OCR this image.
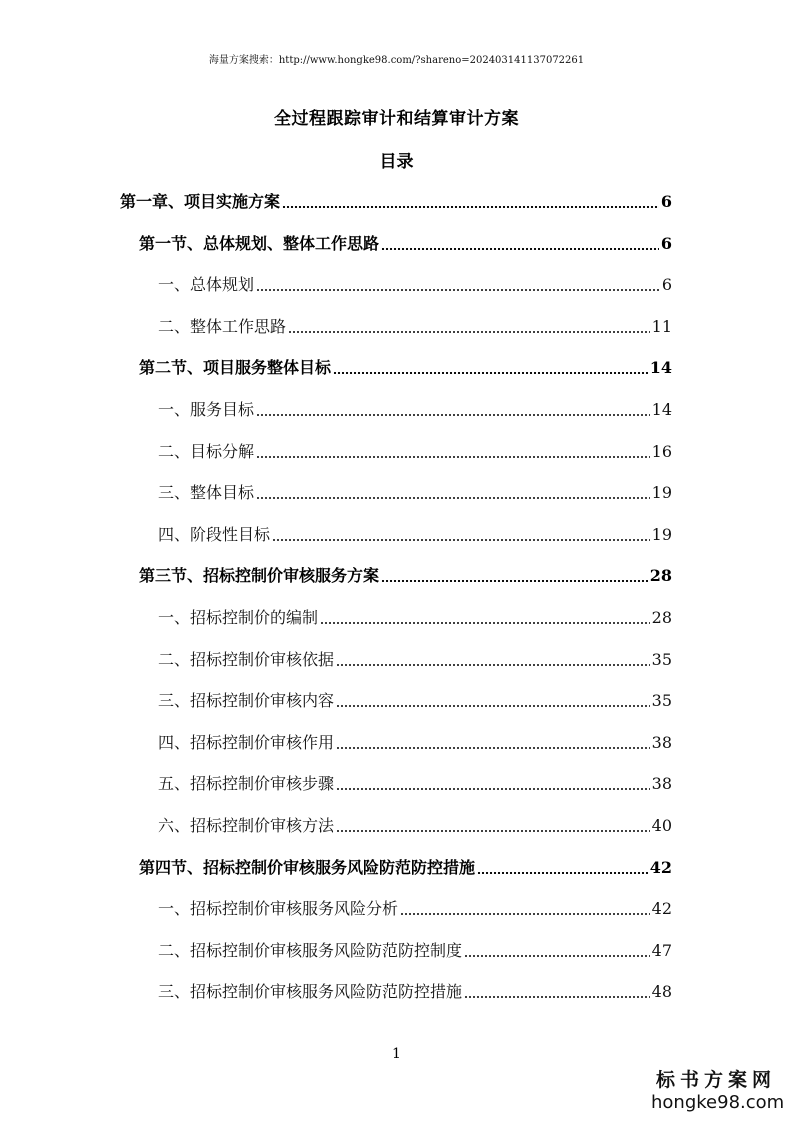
海量方案搜索：http://www.hongke98.com/?shareno=20240314113707226​1
全过程跟踪审计和结算审计方案
目录
第一章、项目实施方案	6
第一节、总体规划、整体工作思路	6
一、总体规划	6
二、整体工作思路	11
第二节、项目服务整体目标	14
一、服务目标	14
二、目标分解	16
三、整体目标	19
四、阶段性目标	19
第三节、招标控制价审核服务方案	28
一、招标控制价的编制	28
二、招标控制价审核依据	35
三、招标控制价审核内容	35
四、招标控制价审核作用	38
五、招标控制价审核步骤	38
六、招标控制价审核方法	40
第四节、招标控制价审核服务风险防范防控措施	42
一、招标控制价审核服务风险分析	42
二、招标控制价审核服务风险防范防控制度	47
三、招标控制价审核服务风险防范防控措施	48
1
标书方案网
hongke98.com
